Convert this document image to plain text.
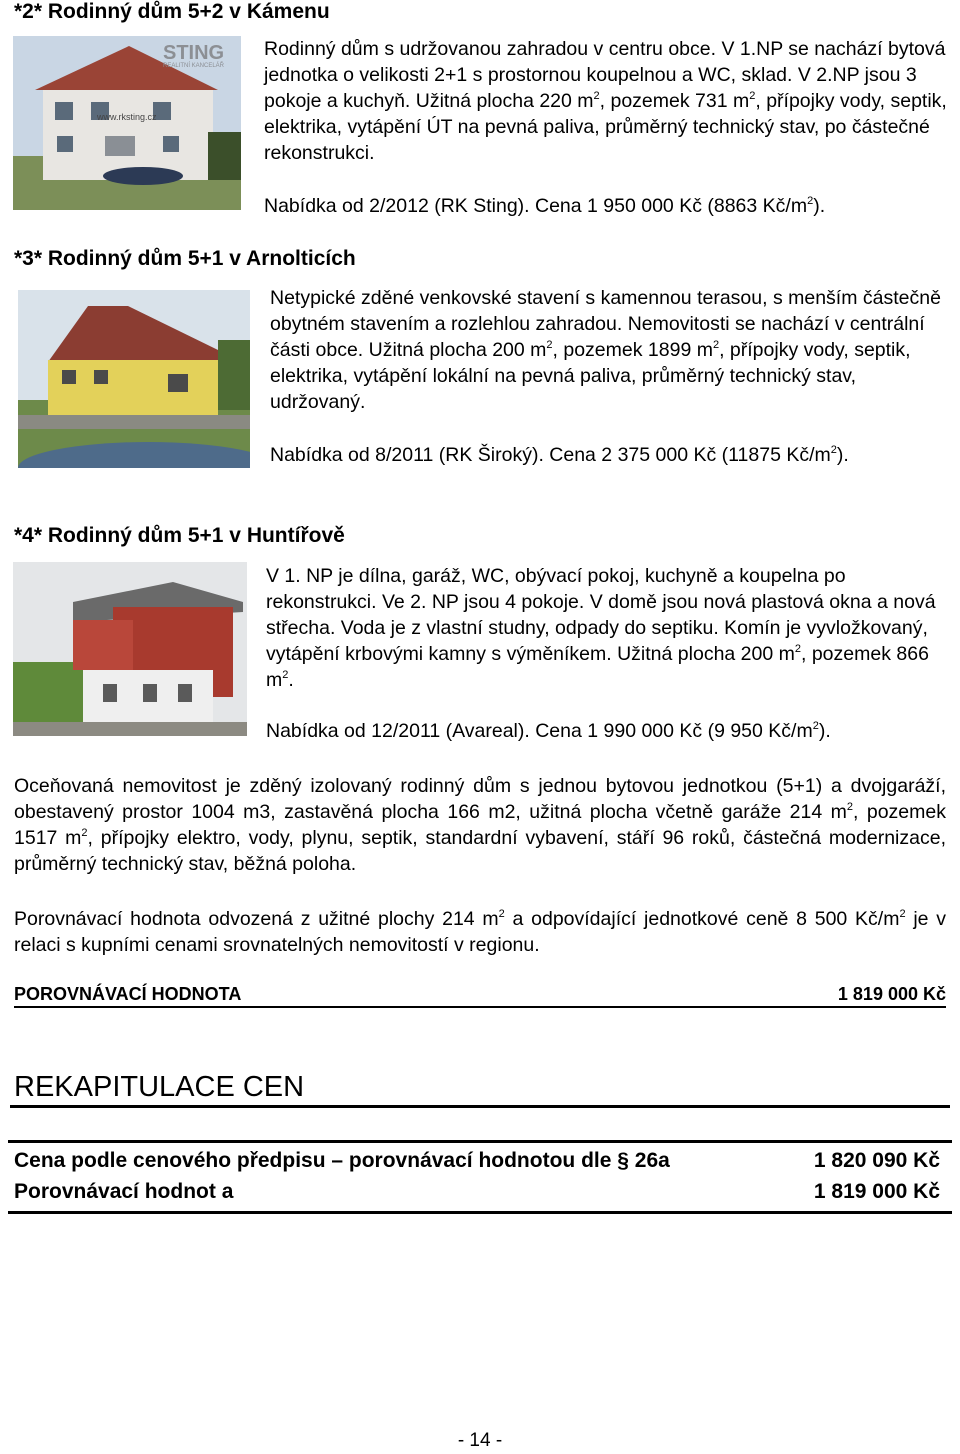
*2* Rodinný dům 5+2 v Kámenu
STING
REALITNÍ KANCELÁŘ
www.rksting.cz
Rodinný dům s udržovanou zahradou v centru obce. V 1.NP se nachází bytová jednotka o velikosti 2+1 s prostornou koupelnou a WC, sklad. V 2.NP jsou 3 pokoje a kuchyň. Užitná plocha 220 $m^2$, pozemek 731 $m^2$, přípojky vody, septik, elektrika, vytápění ÚT na pevná paliva, průměrný technický stav, po částečné rekonstrukci.
Nabídka od 2/2012 (RK Sting). Cena 1 950 000 Kč (8863 $Kč/m^2$).
*3* Rodinný dům 5+1 v Arnolticích
Netypické zděné venkovské stavení s kamennou terasou, s menším částečně obytném stavením a rozlehlou zahradou. Nemovitosti se nachází v centrální části obce. Užitná plocha 200 $m^2$, pozemek 1899 $m^2$, přípojky vody, septik, elektrika, vytápění lokální na pevná paliva, průměrný technický stav, udržovaný.
Nabídka od 8/2011 (RK Široký). Cena 2 375 000 Kč (11875 $Kč/m^2$).
*4* Rodinný dům 5+1 v Huntířově
V 1. NP je dílna, garáž, WC, obývací pokoj, kuchyně a koupelna po rekonstrukci. Ve 2. NP jsou 4 pokoje. V domě jsou nová plastová okna a nová střecha. Voda je z vlastní studny, odpady do septiku. Komín je vyvložkovaný, vytápění krbovými kamny s výměníkem. Užitná plocha 200 $m^2$, pozemek 866 $m^2$.
Nabídka od 12/2011 (Avareal). Cena 1 990 000 Kč (9 950 $Kč/m^2$).
Oceňovaná nemovitost je zděný izolovaný rodinný dům s jednou bytovou jednotkou (5+1) a dvojgaráží, obestavený prostor 1004 m3, zastavěná plocha 166 m2, užitná plocha včetně garáže 214 $m^2$, pozemek 1517 $m^2$, přípojky elektro, vody, plynu, septik, standardní vybavení, stáří 96 roků, částečná modernizace, průměrný technický stav, běžná poloha.
Porovnávací hodnota odvozená z užitné plochy 214 $m^2$ a odpovídající jednotkové ceně 8 500 $Kč/m^2$ je v relaci s kupními cenami srovnatelných nemovitostí v regionu.
POROVNÁVACÍ HODNOTA	1 819 000 Kč
REKAPITULACE CEN
Cena podle cenového předpisu – porovnávací hodnotou dle § 26a	1 820 090 Kč
Porovnávací hodnot a	1 819 000 Kč
- 14 -
